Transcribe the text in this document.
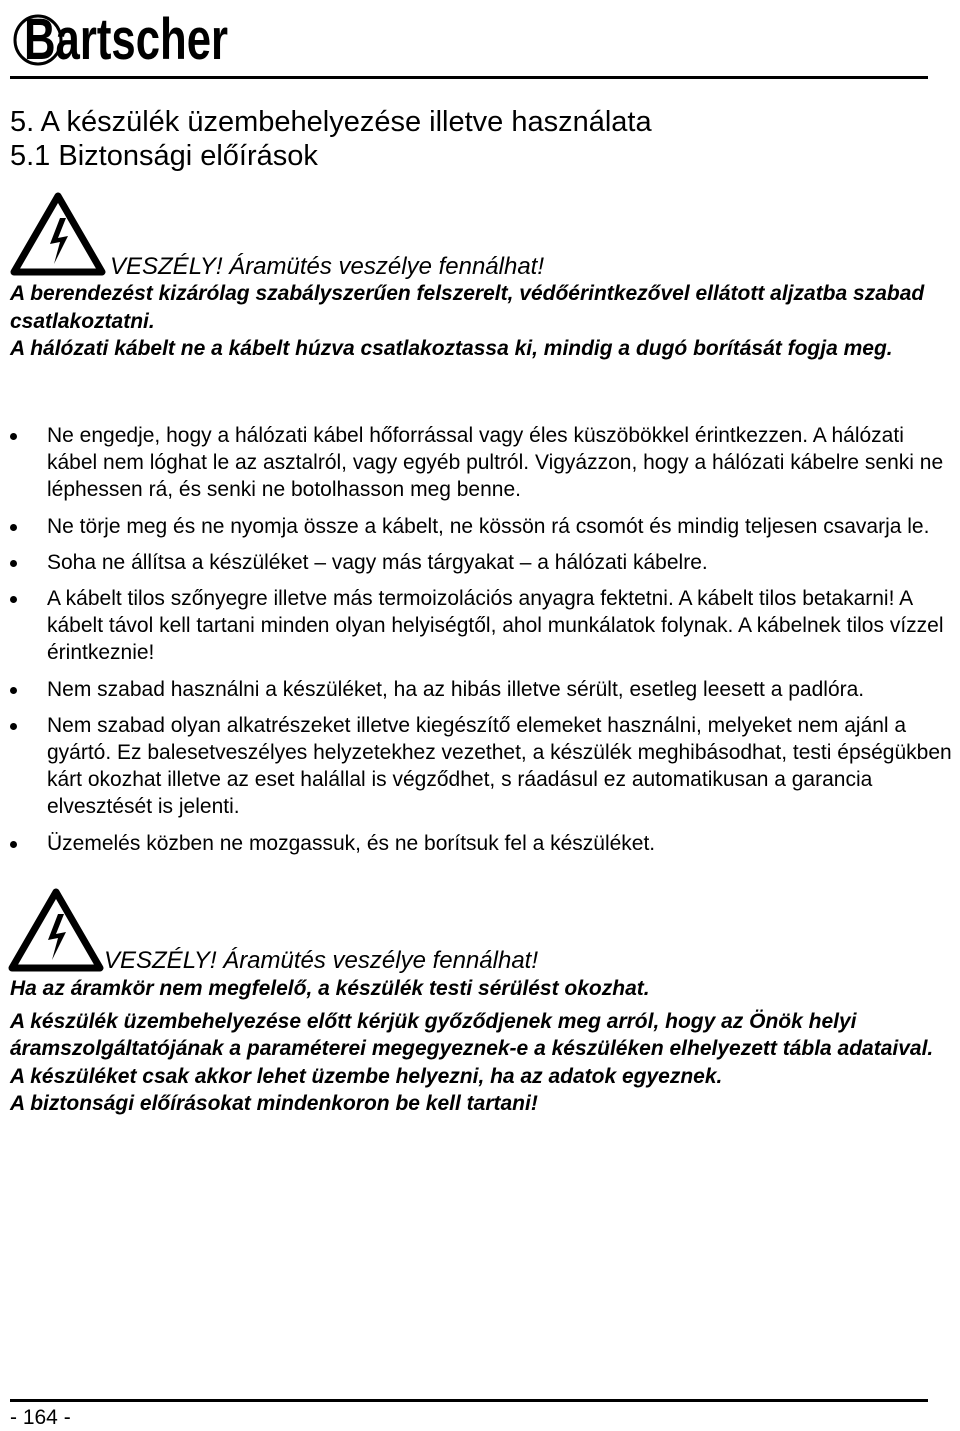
Bartscher
5. A készülék üzembehelyezése illetve használata
5.1 Biztonsági előírások
VESZÉLY! Áramütés veszélye fennálhat!

A berendezést kizárólag szabályszerűen felszerelt, védőérintkezővel ellátott aljzatba szabad csatlakoztatni.

A hálózati kábelt ne a kábelt húzva csatlakoztassa ki, mindig a dugó borítását fogja meg.

Ne engedje, hogy a hálózati kábel hőforrással vagy éles küszöbökkel érintkezzen. A hálózati kábel nem lóghat le az asztalról, vagy egyéb pultról. Vigyázzon, hogy a hálózati kábelre senki ne léphessen rá, és senki ne botolhasson meg benne.
Ne törje meg és ne nyomja össze a kábelt, ne kössön rá csomót és mindig teljesen csavarja le.
Soha ne állítsa a készüléket – vagy más tárgyakat – a hálózati kábelre.
A kábelt tilos szőnyegre illetve más termoizolációs anyagra fektetni. A kábelt tilos betakarni! A kábelt távol kell tartani minden olyan helyiségtől, ahol munkálatok folynak. A kábelnek tilos vízzel érintkeznie!
Nem szabad használni a készüléket, ha az hibás illetve sérült, esetleg leesett a padlóra.
Nem szabad olyan alkatrészeket illetve kiegészítő elemeket használni, melyeket nem ajánl a gyártó. Ez balesetveszélyes helyzetekhez vezethet, a készülék meghibásodhat, testi épségükben kárt okozhat illetve az eset halállal is végződhet, s ráadásul ez automatikusan a garancia elvesztését is jelenti.
Üzemelés közben ne mozgassuk, és ne borítsuk fel a készüléket.
VESZÉLY! Áramütés veszélye fennálhat!

Ha az áramkör nem megfelelő, a készülék testi sérülést okozhat.

A készülék üzembehelyezése előtt kérjük győződjenek meg arról, hogy az Önök helyi áramszolgáltatójának a paraméterei megegyeznek-e a készüléken elhelyezett tábla adataival.

A készüléket csak akkor lehet üzembe helyezni, ha az adatok egyeznek.

A biztonsági előírásokat mindenkoron be kell tartani!

- 164 -
